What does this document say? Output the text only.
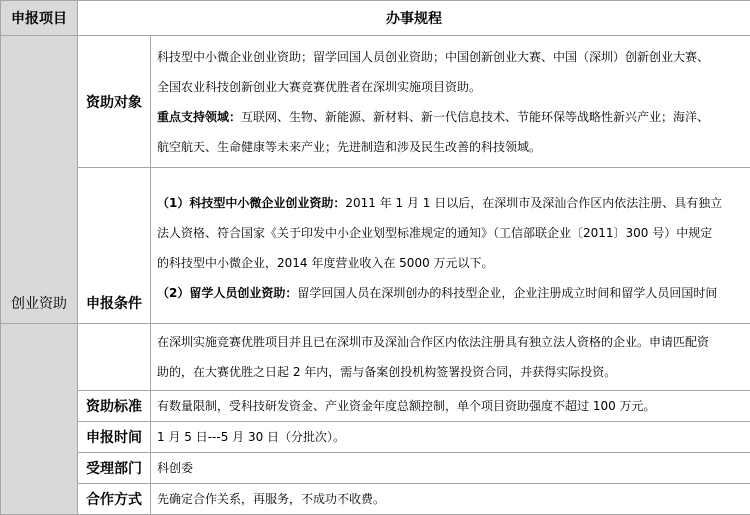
申报项目	办事规程	
创业资助	资助对象	科技型中小微企业创业资助；留学回国人员创业资助；中国创新创业大赛、中国（深圳）创新创业大赛、
全国农业科技创新创业大赛竞赛优胜者在深圳实施项目资助。
重点支持领域：互联网、生物、新能源、新材料、新一代信息技术、节能环保等战略性新兴产业；海洋、
航空航天、生命健康等未来产业；先进制造和涉及民生改善的科技领域。

	申报条件	（1）科技型中小微企业创业资助：2011 年 1 月 1 日以后，在深圳市及深汕合作区内依法注册、具有独立
法人资格、符合国家《关于印发中小企业划型标准规定的通知》（工信部联企业〔2011〕300 号）中规定
的科技型中小微企业，2014 年度营业收入在 5000 万元以下。
（2）留学人员创业资助：留学回国人员在深圳创办的科技型企业，企业注册成立时间和留学人员回国时间

		在深圳实施竞赛优胜项目并且已在深圳市及深汕合作区内依法注册具有独立法人资格的企业。申请匹配资
助的，在大赛优胜之日起 2 年内，需与备案创投机构签署投资合同，并获得实际投资。

	资助标准	有数量限制，受科技研发资金、产业资金年度总额控制，单个项目资助强度不超过 100 万元。

	申报时间	1 月 5 日---5 月 30 日（分批次）。

	受理部门	科创委

	合作方式	先确定合作关系，再服务，不成功不收费。
